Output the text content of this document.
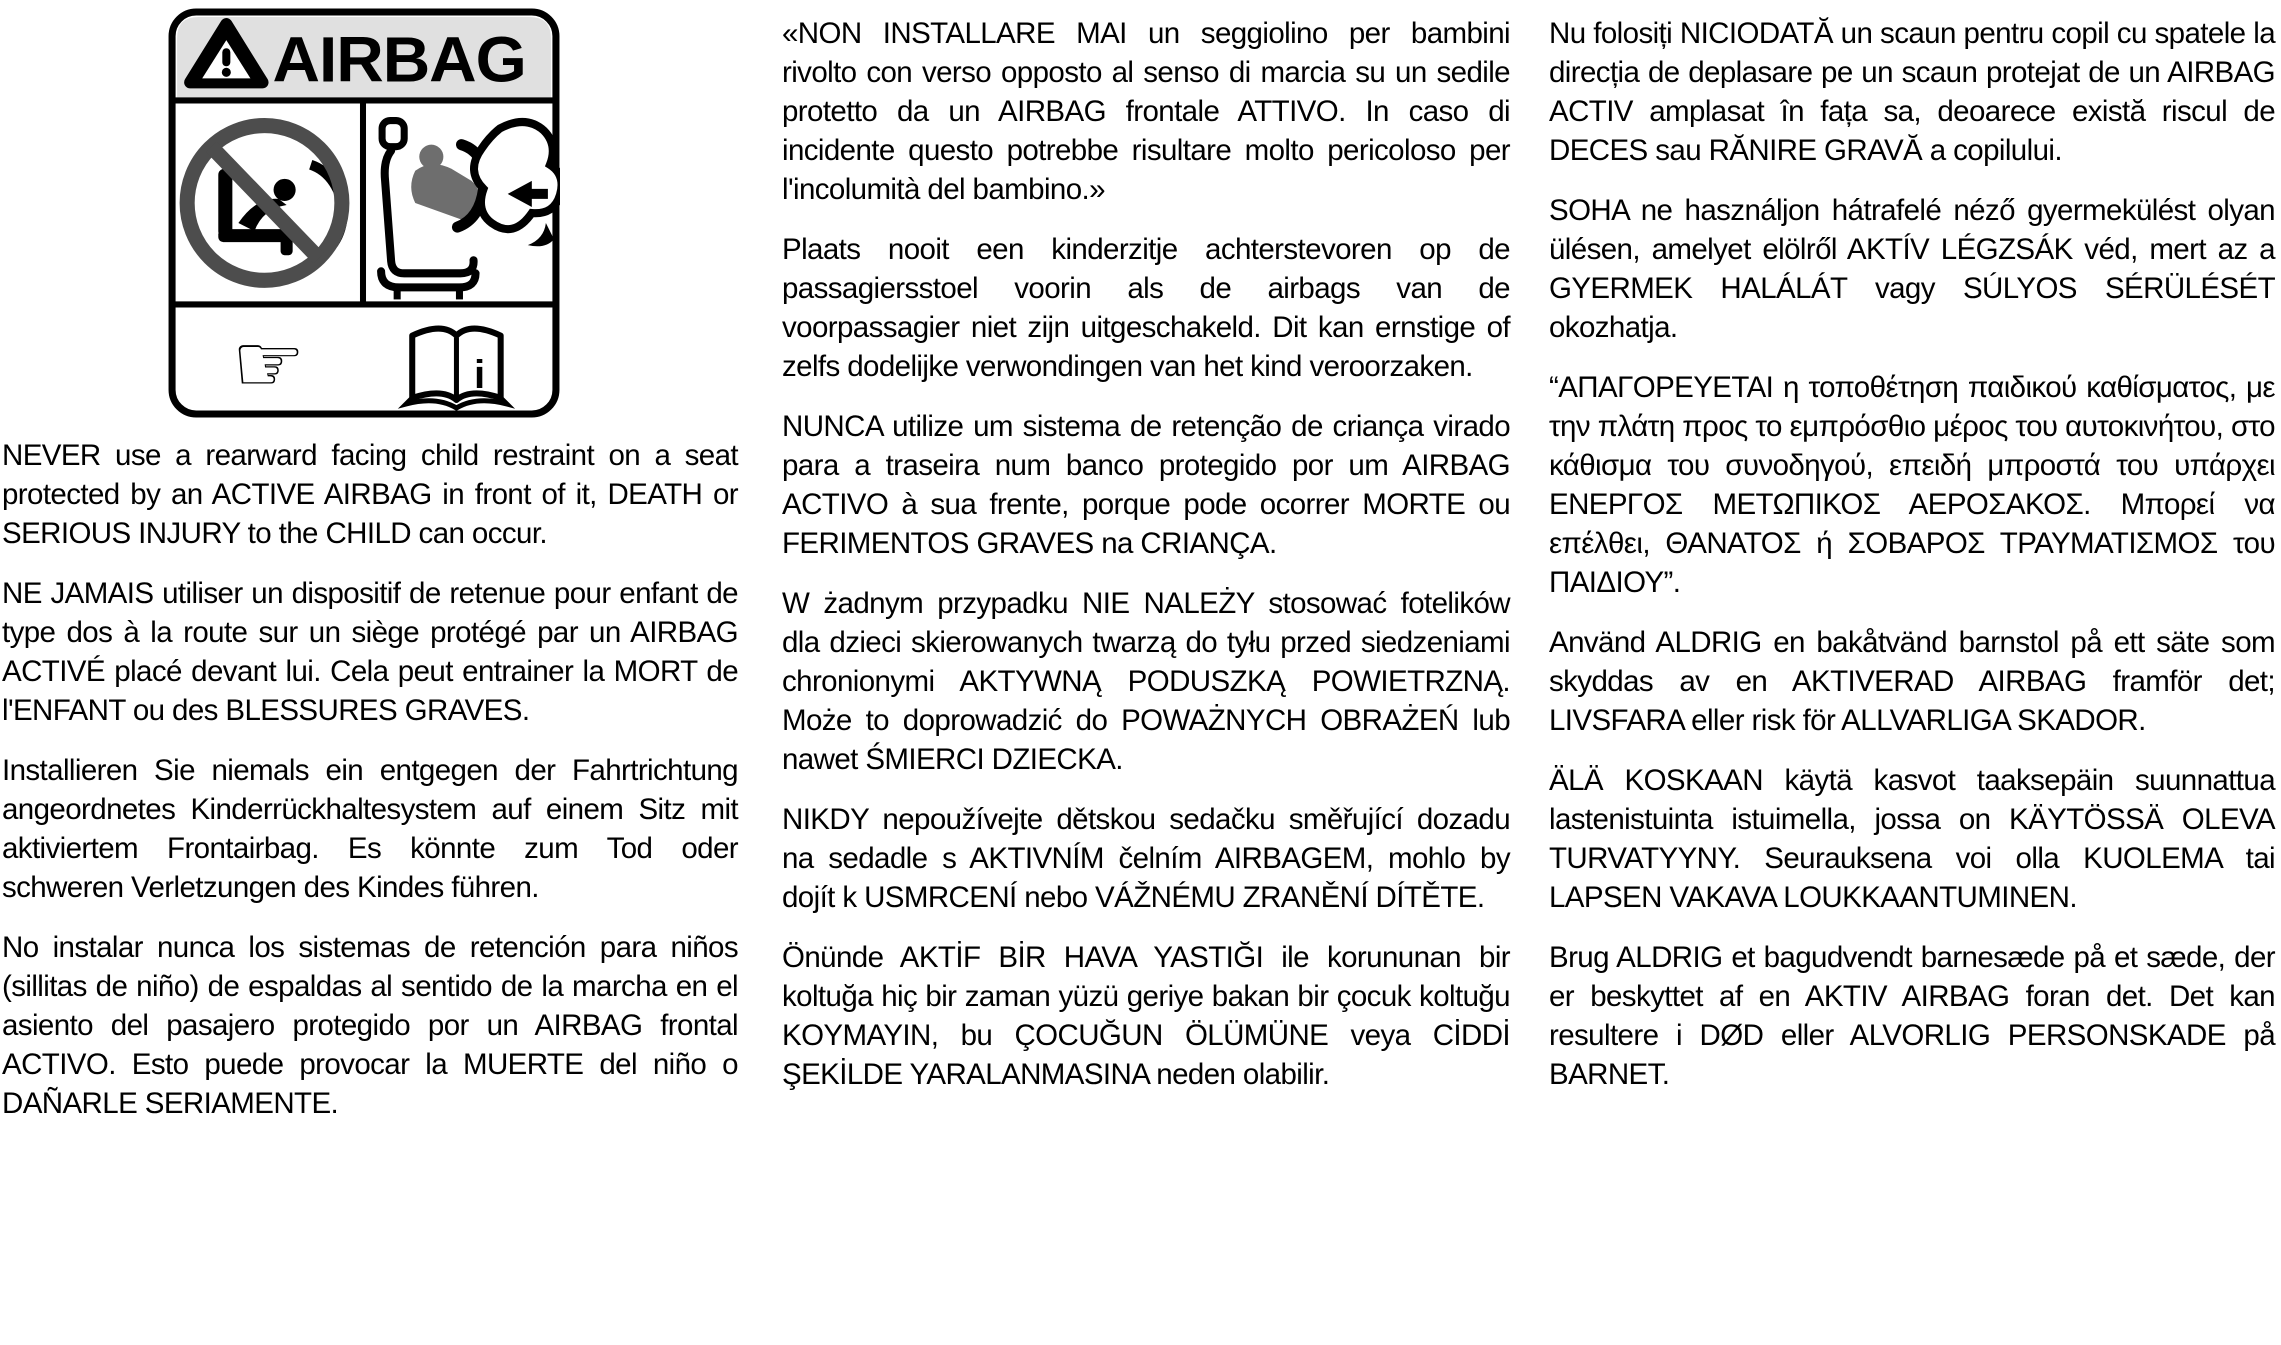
AIRBAG
☞	i

NEVER use a rearward facing child restraint on a seat protected by an ACTIVE AIRBAG in front of it, DEATH or SERIOUS INJURY to the CHILD can occur.

NE JAMAIS utiliser un dispositif de retenue pour enfant de type dos à la route sur un siège protégé par un AIRBAG ACTIVÉ placé devant lui. Cela peut entrainer la MORT de l'ENFANT ou des BLESSURES GRAVES.

Installieren Sie niemals ein entgegen der Fahrtrichtung angeordnetes Kinderrückhaltesystem auf einem Sitz mit aktiviertem Frontairbag. Es könnte zum Tod oder schweren Verletzungen des Kindes führen.

No instalar nunca los sistemas de retención para niños (sillitas de niño) de espaldas al sentido de la marcha en el asiento del pasajero protegido por un AIRBAG frontal ACTIVO. Esto puede provocar la MUERTE del niño o DAÑARLE SERIAMENTE.

«NON INSTALLARE MAI un seggiolino per bambini rivolto con verso opposto al senso di marcia su un sedile protetto da un AIRBAG frontale ATTIVO. In caso di incidente questo potrebbe risultare molto pericoloso per l'incolumità del bambino.»

Plaats nooit een kinderzitje achterstevoren op de passagiersstoel voorin als de airbags van de voorpassagier niet zijn uitgeschakeld. Dit kan ernstige of zelfs dodelijke verwondingen van het kind veroorzaken.

NUNCA utilize um sistema de retenção de criança virado para a traseira num banco protegido por um AIRBAG ACTIVO à sua frente, porque pode ocorrer MORTE ou FERIMENTOS GRAVES na CRIANÇA.

W żadnym przypadku NIE NALEŻY stosować fotelików dla dzieci skierowanych twarzą do tyłu przed siedzeniami chronionymi AKTYWNĄ PODUSZKĄ POWIETRZNĄ. Może to doprowadzić do POWAŻNYCH OBRAŻEŃ lub nawet ŚMIERCI DZIECKA.

NIKDY nepoužívejte dětskou sedačku směřující dozadu na sedadle s AKTIVNÍM čelním AIRBAGEM, mohlo by dojít k USMRCENÍ nebo VÁŽNÉMU ZRANĚNÍ DÍTĚTE.

Önünde AKTİF BİR HAVA YASTIĞI ile korununan bir koltuğa hiç bir zaman yüzü geriye bakan bir çocuk koltuğu KOYMAYIN, bu ÇOCUĞUN ÖLÜMÜNE veya CİDDİ ŞEKİLDE YARALANMASINA neden olabilir.

Nu folosiți NICIODATĂ un scaun pentru copil cu spatele la direcția de deplasare pe un scaun protejat de un AIRBAG ACTIV amplasat în fața sa, deoarece există riscul de DECES sau RĂNIRE GRAVĂ a copilului.

SOHA ne használjon hátrafelé néző gyermekülést olyan ülésen, amelyet elölről AKTÍV LÉGZSÁK véd, mert az a GYERMEK HALÁLÁT vagy SÚLYOS SÉRÜLÉSÉT okozhatja.

“ΑΠΑΓΟΡΕΥΕΤΑΙ η τοποθέτηση παιδικού καθίσματος, με την πλάτη προς το εμπρόσθιο μέρος του αυτοκινήτου, στο κάθισμα του συνοδηγού, επειδή μπροστά του υπάρχει ΕΝΕΡΓΟΣ ΜΕΤΩΠΙΚΟΣ ΑΕΡΟΣΑΚΟΣ. Μπορεί να επέλθει, ΘΑΝΑΤΟΣ ή ΣΟΒΑΡΟΣ ΤΡΑΥΜΑΤΙΣΜΟΣ του ΠΑΙΔΙΟΥ”.

Använd ALDRIG en bakåtvänd barnstol på ett säte som skyddas av en AKTIVERAD AIRBAG framför det; LIVSFARA eller risk för ALLVARLIGA SKADOR.

ÄLÄ KOSKAAN käytä kasvot taaksepäin suunnattua lastenistuinta istuimella, jossa on KÄYTÖSSÄ OLEVA TURVATYYNY. Seurauksena voi olla KUOLEMA tai LAPSEN VAKAVA LOUKKAANTUMINEN.

Brug ALDRIG et bagudvendt barnesæde på et sæde, der er beskyttet af en AKTIV AIRBAG foran det. Det kan resultere i DØD eller ALVORLIG PERSONSKADE på BARNET.
